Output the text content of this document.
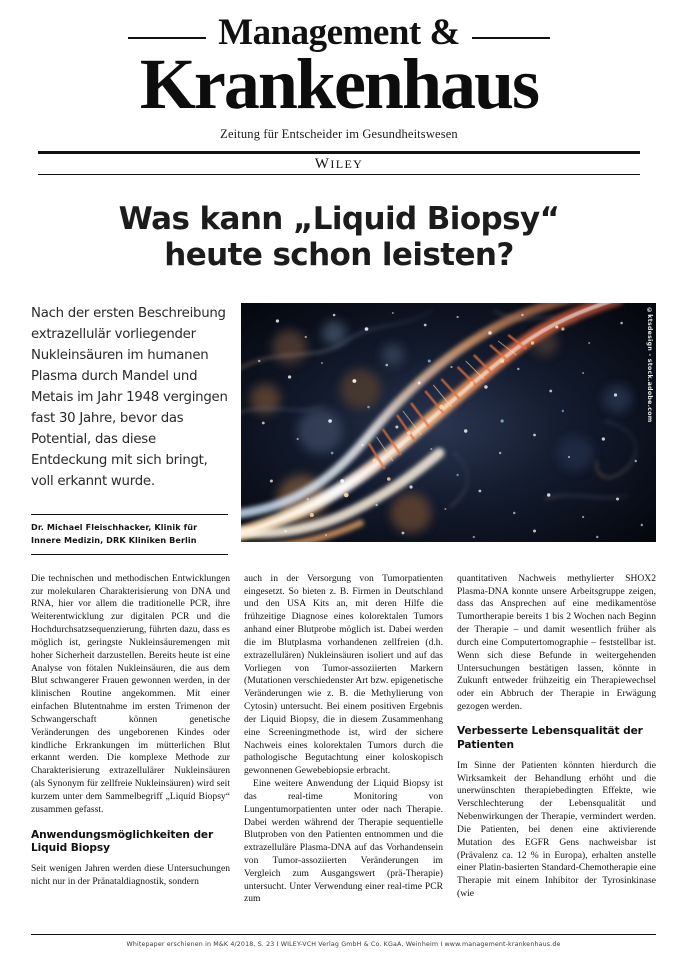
Management &
Krankenhaus
Zeitung für Entscheider im Gesundheitswesen
WILEY
Was kann „Liquid Biopsy“
heute schon leisten?
Nach der ersten Beschreibung extrazellulär vorliegender Nukleinsäuren im humanen Plasma durch Mandel und Metais im Jahr 1948 vergingen fast 30 Jahre, bevor das Potential, das diese Entdeckung mit sich bringt, voll erkannt wurde.
Dr. Michael Fleischhacker, Klinik für
Innere Medizin, DRK Kliniken Berlin
©ktsdesign - stock.adobe.com

Die technischen und methodischen Entwicklungen zur molekularen Charakterisierung von DNA und RNA, hier vor allem die traditionelle PCR, ihre Weiterentwicklung zur digitalen PCR und die Hochdurchsatzsequenzierung, führten dazu, dass es möglich ist, geringste Nukleinsäuremengen mit hoher Sicherheit darzustellen. Bereits heute ist eine Analyse von fötalen Nukleinsäuren, die aus dem Blut schwangerer Frauen gewonnen werden, in der klinischen Routine angekommen. Mit einer einfachen Blutentnahme im ersten Trimenon der Schwangerschaft können genetische Veränderungen des ungeborenen Kindes oder kindliche Erkrankungen im mütterlichen Blut erkannt werden. Die komplexe Methode zur Charakterisierung extrazellulärer Nukleinsäuren (als Synonym für zellfreie Nukleinsäuren) wird seit kurzem unter dem Sammelbegriff „Liquid Biopsy“ zusammen gefasst.

Anwendungsmöglichkeiten der Liquid Biopsy

Seit wenigen Jahren werden diese Untersuchungen nicht nur in der Pränataldiagnostik, sondern

auch in der Versorgung von Tumorpatienten eingesetzt. So bieten z. B. Firmen in Deutschland und den USA Kits an, mit deren Hilfe die frühzeitige Diagnose eines kolorektalen Tumors anhand einer Blutprobe möglich ist. Dabei werden die im Blutplasma vorhandenen zellfreien (d.h. extrazellulären) Nukleinsäuren isoliert und auf das Vorliegen von Tumor-assoziierten Markern (Mutationen verschiedenster Art bzw. epigenetische Veränderungen wie z. B. die Methylierung von Cytosin) untersucht. Bei einem positiven Ergebnis der Liquid Biopsy, die in diesem Zusammenhang eine Screeningmethode ist, wird der sichere Nachweis eines kolorektalen Tumors durch die pathologische Begutachtung einer koloskopisch gewonnenen Gewebebiopsie erbracht.

Eine weitere Anwendung der Liquid Biopsy ist das real-time Monitoring von Lungentumorpatienten unter oder nach Therapie. Dabei werden während der Therapie sequentielle Blutproben von den Patienten entnommen und die extrazelluläre Plasma-DNA auf das Vorhandensein von Tumor-assoziierten Veränderungen im Vergleich zum Ausgangswert (prä-Therapie) untersucht. Unter Verwendung einer real-time PCR zum

quantitativen Nachweis methylierter SHOX2 Plasma-DNA konnte unsere Arbeitsgruppe zeigen, dass das Ansprechen auf eine medikamentöse Tumortherapie bereits 1 bis 2 Wochen nach Beginn der Therapie – und damit wesentlich früher als durch eine Computertomographie – feststellbar ist. Wenn sich diese Befunde in weitergehenden Untersuchungen bestätigen lassen, könnte in Zukunft entweder frühzeitig ein Therapiewechsel oder ein Abbruch der Therapie in Erwägung gezogen werden.

Verbesserte Lebensqualität der Patienten

Im Sinne der Patienten könnten hierdurch die Wirksamkeit der Behandlung erhöht und die unerwünschten therapiebedingten Effekte, wie Verschlechterung der Lebensqualität und Nebenwirkungen der Therapie, vermindert werden. Die Patienten, bei denen eine aktivierende Mutation des EGFR Gens nachweisbar ist (Prävalenz ca. 12 % in Europa), erhalten anstelle einer Platin-basierten Standard-Chemotherapie eine Therapie mit einem Inhibitor der Tyrosinkinase (wie

Whitepaper erschienen in M&K 4/2018, S. 23 I WILEY-VCH Verlag GmbH & Co. KGaA, Weinheim I www.management-krankenhaus.de
